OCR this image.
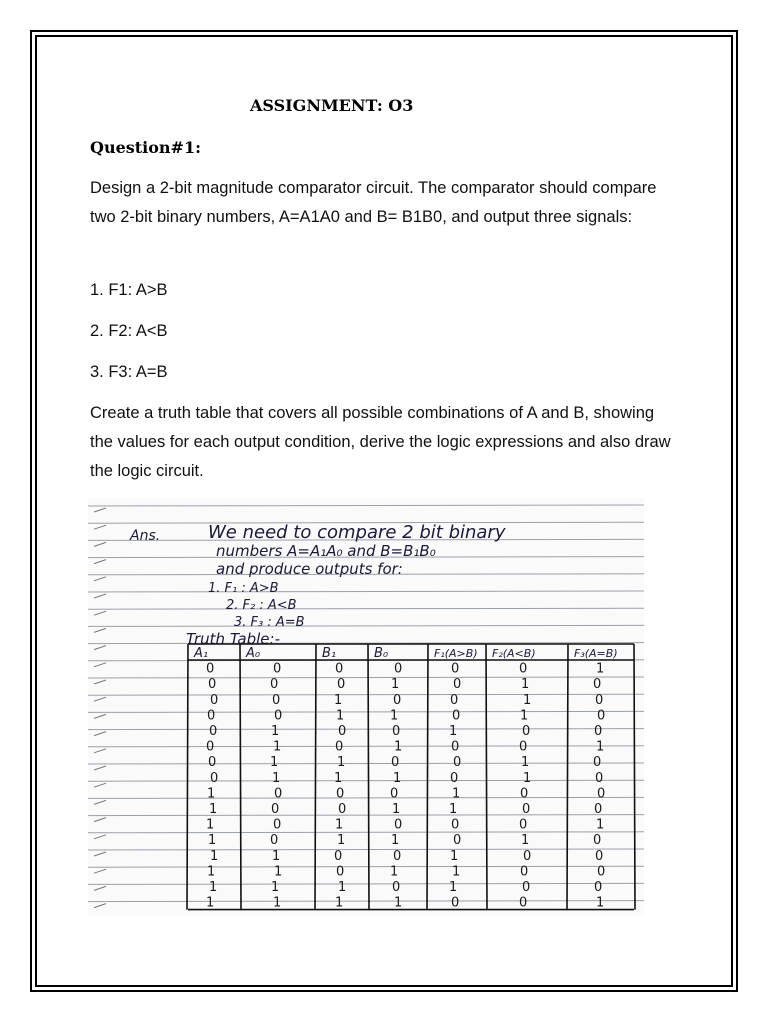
ASSIGNMENT: O3
Question#1:
Design a 2-bit magnitude comparator circuit. The comparator should compare two 2-bit binary numbers, A=A1A0 and B= B1B0, and output three signals:
1. F1: A>B
2. F2: A<B
3. F3: A=B
Create a truth table that covers all possible combinations of A and B, showing the values for each output condition, derive the logic expressions and also draw the logic circuit.
Ans.	We need to compare 2 bit binary
numbers A=A₁A₀ and B=B₁B₀
and produce outputs for:
1. F₁ : A>B
2. F₂ : A<B
3. F₃ : A=B
Truth Table:-
A₁	A₀	B₁	B₀	F₁(A>B) F₂(A<B)	F₃(A=B)
0	0	0	0	0	0	1
0	0	0	1	0	1	0
0	0	1	0	0	1	0
0	0	1	1	0	1	0
0	1	0	0	1	0	0
0	1	0	1	0	0	1
0	1	1	0	0	1	0
0	1	1	1	0	1	0
1	0	0	0	1	0	0
1	0	0	1	1	0	0
1	0	1	0	0	0	1
1	0	1	1	0	1	0
1	1	0	0	1	0	0
1	1	0	1	1	0	0
1	1	1	0	1	0	0
1	1	1	1	0	0	1
